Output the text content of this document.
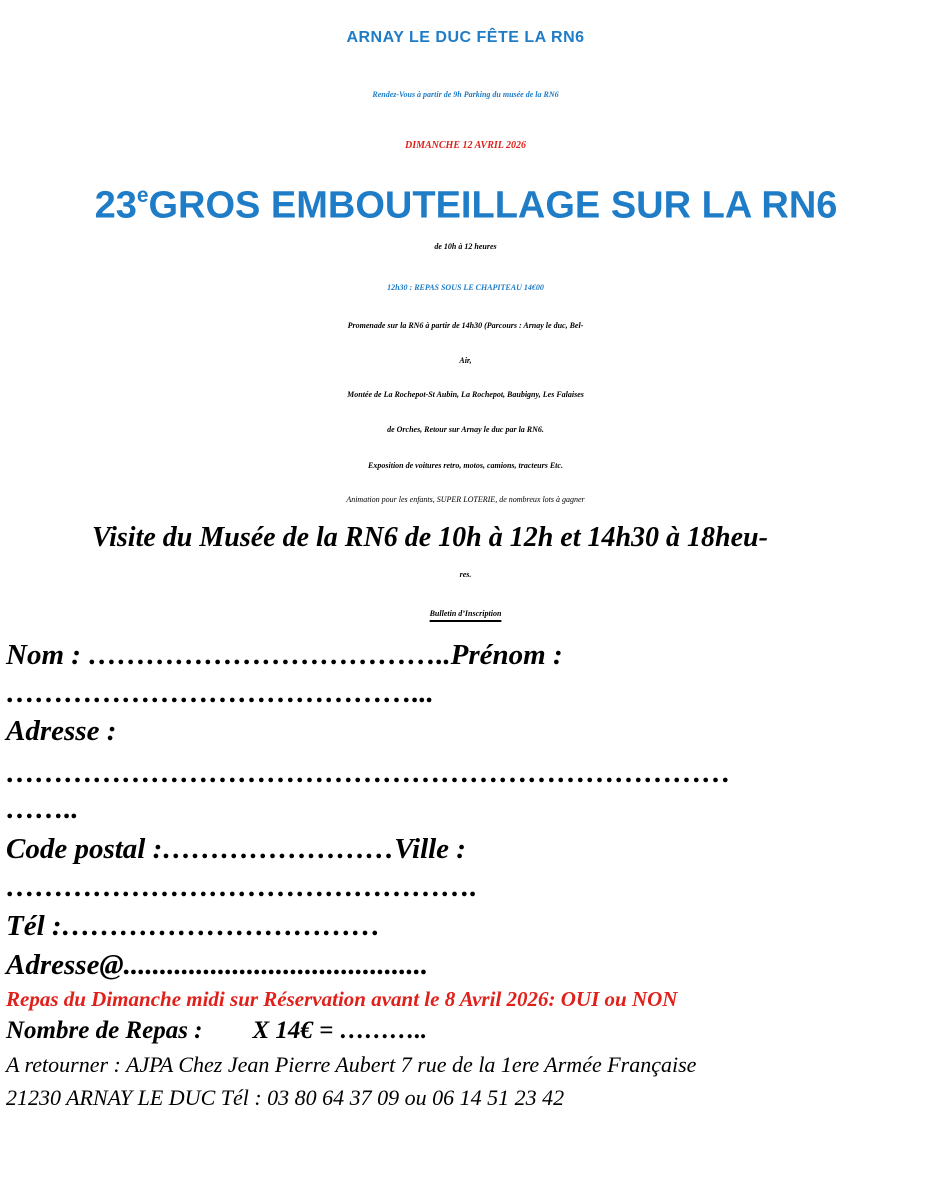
ARNAY LE DUC FÊTE LA RN6

Rendez-Vous à partir de 9h Parking du musée de la RN6

DIMANCHE 12 AVRIL 2026

23eGROS EMBOUTEILLAGE SUR LA RN6

de 10h à 12 heures

12h30 : REPAS SOUS LE CHAPITEAU 14€00

Promenade sur la RN6 à partir de 14h30 (Parcours : Arnay le duc, Bel-

Air,

Montée de La Rochepot-St Aubin, La Rochepot, Baubigny, Les Falaises

de Orches, Retour sur Arnay le duc par la RN6.

Exposition de voitures retro, motos, camions, tracteurs Etc.

Animation pour les enfants, SUPER LOTERIE, de nombreux lots à gagner

Visite du Musée de la RN6 de 10h à 12h et 14h30 à 18heu-

res.

Bulletin d’Inscription

Nom : ………………………………..Prénom :

……………………………………...

Adresse :

…………………………………………………………………

……..

Code postal :……………………Ville :

………………………………………….

Tél :……………………………

Adresse@..........................................

Repas du Dimanche midi sur Réservation avant le 8 Avril 2026: OUI ou NON

Nombre de Repas :        X 14€ = ………..

A retourner : AJPA Chez Jean Pierre Aubert 7 rue de la 1ere Armée Française

21230 ARNAY LE DUC Tél : 03 80 64 37 09 ou 06 14 51 23 42
